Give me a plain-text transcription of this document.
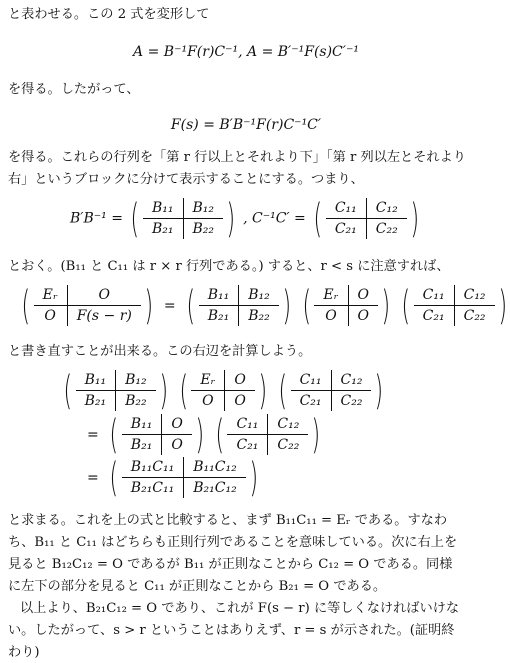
と表わせる。この 2 式を変形して
A = B⁻¹F(r)C⁻¹, A = B′⁻¹F(s)C′⁻¹
を得る。したがって、
F(s) = B′B⁻¹F(r)C⁻¹C′
を得る。これらの行列を「第 r 行以上とそれより下」「第 r 列以左とそれより
右」というブロックに分けて表示することにする。つまり、
B′B⁻¹ = ( B₁₁	B₁₂
B₂₁	B₂₂ ) , C⁻¹C′ = ( C₁₁	C₁₂
C₂₁	C₂₂ )
とおく。(B₁₁ と C₁₁ は r × r 行列である。) すると、r < s に注意すれば、
( Eᵣ	O
O	F(s − r) ) = ( B₁₁	B₁₂
B₂₁	B₂₂ )
( Eᵣ	O
O	O )
( C₁₁	C₁₂
C₂₁	C₂₂ )
と書き直すことが出来る。この右辺を計算しよう。
( B₁₁	B₁₂
B₂₁	B₂₂ )
( Eᵣ	O
O	O )
( C₁₁	C₁₂
C₂₁	C₂₂ )
= ( B₁₁	O
B₂₁	O )
( C₁₁	C₁₂
C₂₁	C₂₂ )
= ( B₁₁C₁₁	B₁₁C₁₂
B₂₁C₁₁	B₂₁C₁₂ )
と求まる。これを上の式と比較すると、まず B₁₁C₁₁ = Eᵣ である。すなわ
ち、B₁₁ と C₁₁ はどちらも正則行列であることを意味している。次に右上を
見ると B₁₂C₁₂ = O であるが B₁₁ が正則なことから C₁₂ = O である。同様
に左下の部分を見ると C₁₁ が正則なことから B₂₁ = O である。
以上より、B₂₁C₁₂ = O であり、これが F(s − r) に等しくなければいけな
い。したがって、s > r ということはありえず、r = s が示された。(証明終
わり)
